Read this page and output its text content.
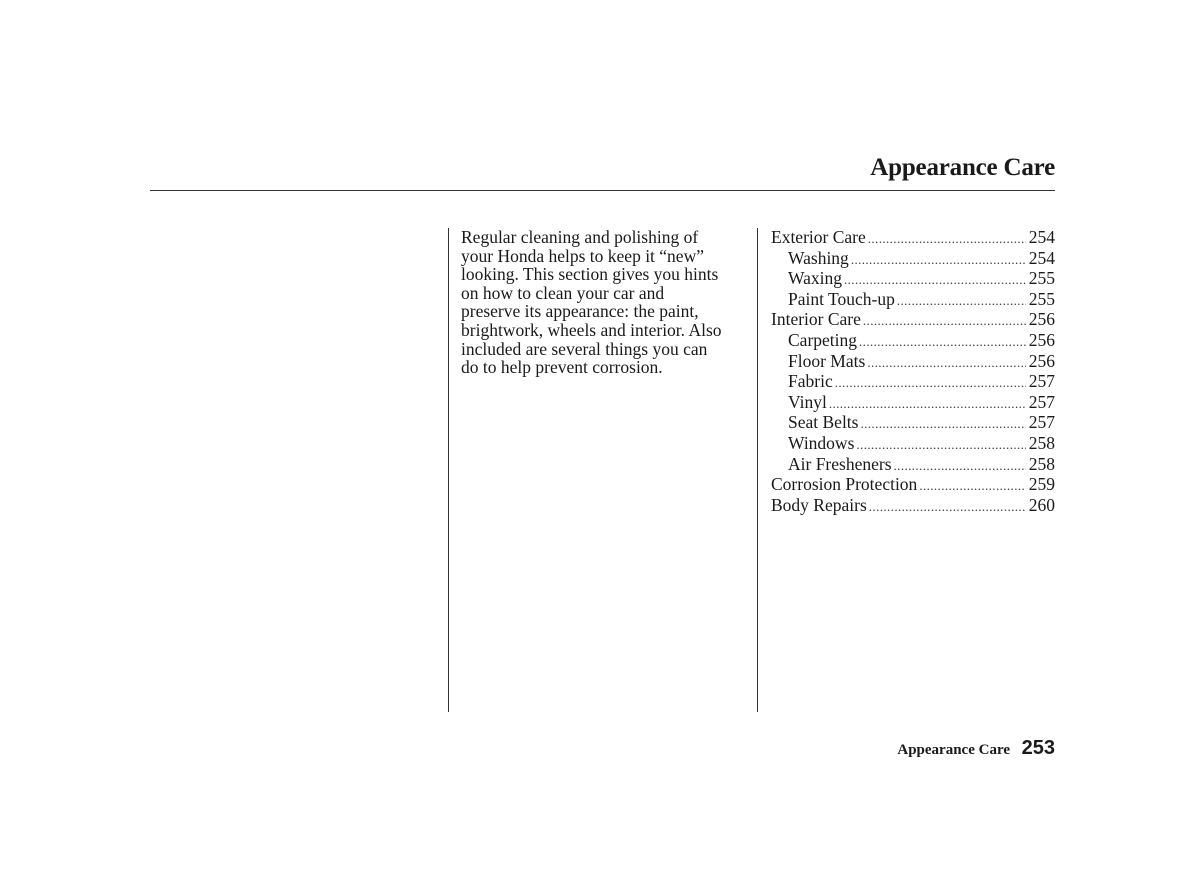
Appearance Care
Regular cleaning and polishing of
your Honda helps to keep it “new”
looking. This section gives you hints
on how to clean your car and
preserve its appearance: the paint,
brightwork, wheels and interior. Also
included are several things you can
do to help prevent corrosion.
Exterior Care .....	254
Washing .....	254
Waxing .....	255
Paint Touch-up .....	255
Interior Care .....	256
Carpeting .....	256
Floor Mats .....	256
Fabric .....	257
Vinyl .....	257
Seat Belts .....	257
Windows .....	258
Air Fresheners .....	258
Corrosion Protection .....	259
Body Repairs .....	260
Appearance Care 253
